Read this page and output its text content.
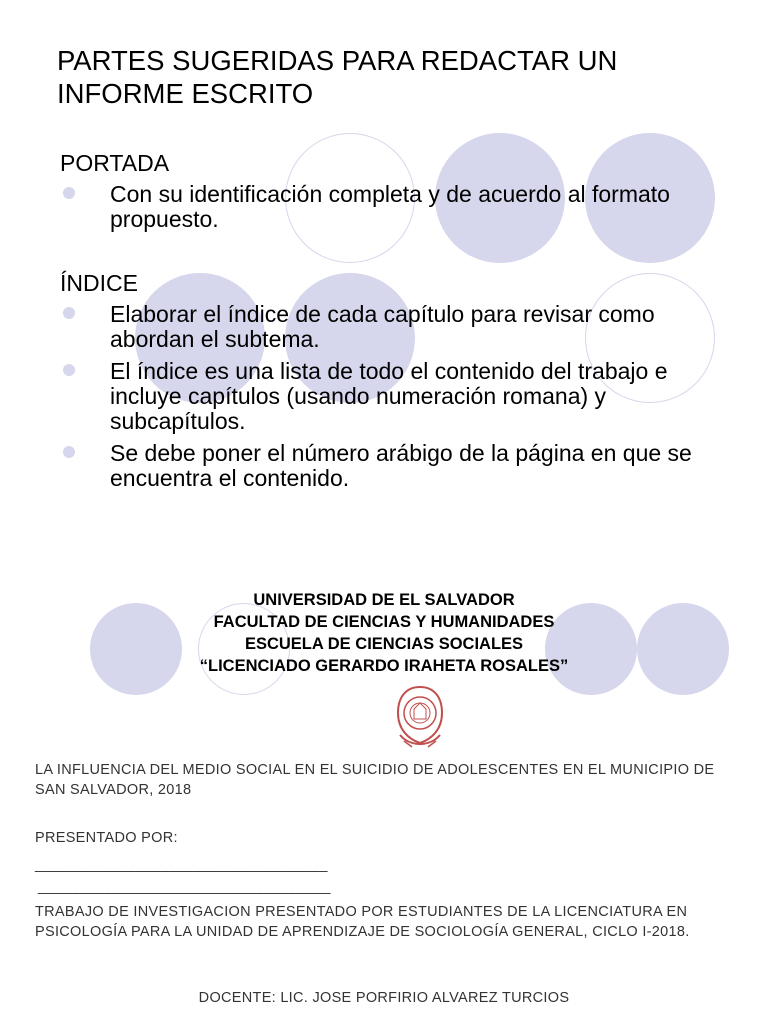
PARTES SUGERIDAS PARA REDACTAR UN INFORME ESCRITO
PORTADA
Con su identificación completa y de acuerdo al formato propuesto.
ÍNDICE
Elaborar el índice de cada capítulo para revisar como abordan el subtema.
El índice es una lista de todo el contenido del trabajo e incluye capítulos (usando numeración romana) y subcapítulos.
Se debe poner el número arábigo de la página en que se encuentra el contenido.
UNIVERSIDAD DE EL SALVADOR
FACULTAD DE CIENCIAS Y HUMANIDADES
ESCUELA DE CIENCIAS SOCIALES
“LICENCIADO GERARDO IRAHETA ROSALES”
LA INFLUENCIA DEL MEDIO SOCIAL EN EL SUICIDIO DE ADOLESCENTES EN EL MUNICIPIO DE SAN SALVADOR, 2018
PRESENTADO POR:
___________________________________
___________________________________
TRABAJO DE INVESTIGACION PRESENTADO POR ESTUDIANTES DE LA LICENCIATURA EN PSICOLOGÍA PARA LA UNIDAD DE APRENDIZAJE DE SOCIOLOGÍA GENERAL, CICLO I-2018.
DOCENTE: LIC. JOSE PORFIRIO ALVAREZ TURCIOS
